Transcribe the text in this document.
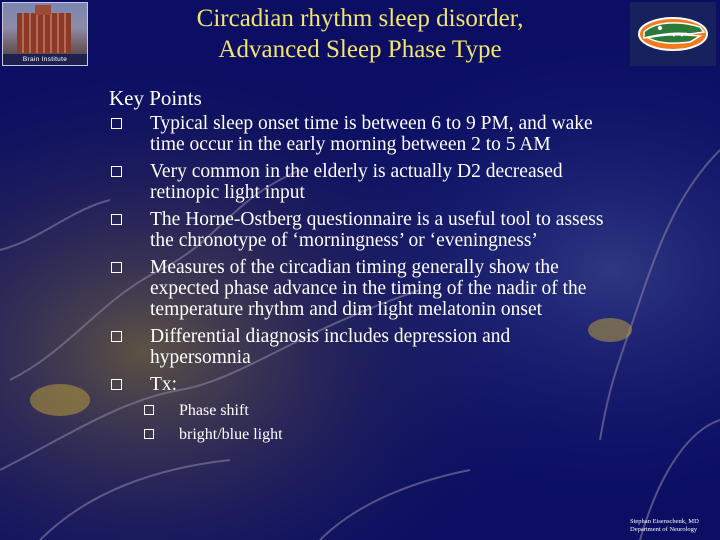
Brain Institute
Circadian rhythm sleep disorder,
Advanced Sleep Phase Type
Key Points
Typical sleep onset time is between 6 to 9 PM, and wake time occur in the early morning between 2 to 5 AM
Very common in the elderly is actually D2 decreased retinopic light input
The Horne-Ostberg questionnaire is a useful tool to assess the chronotype of ‘morningness’ or ‘eveningness’
Measures of the circadian timing generally show the expected phase advance in the timing of the nadir of the temperature rhythm and dim light melatonin onset
Differential diagnosis includes depression and hypersomnia
Tx:
Phase shift
bright/blue light
Stephan Eisenschenk, MD
Department of Neurology
